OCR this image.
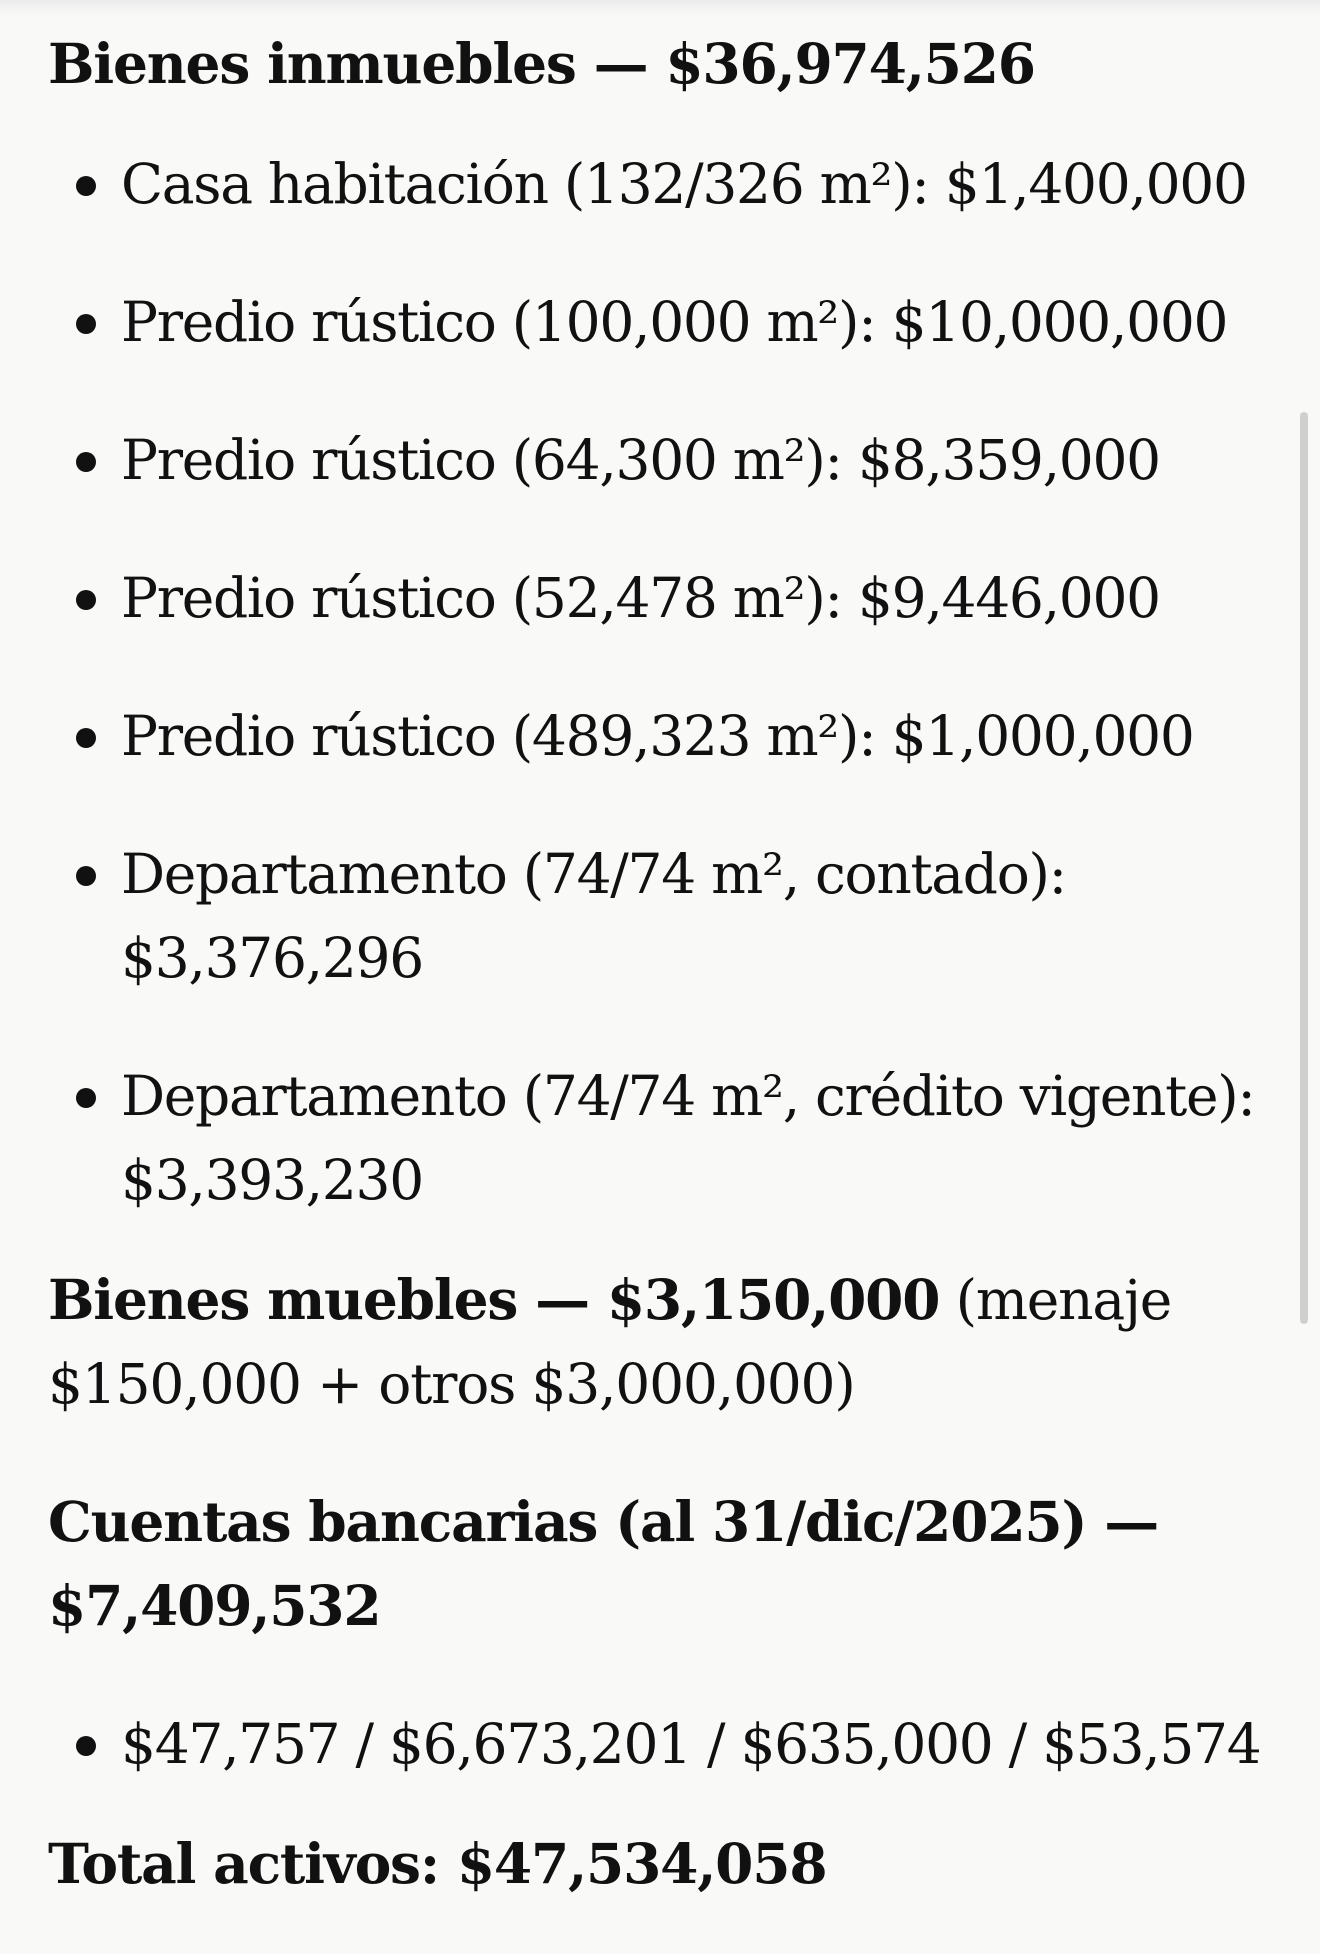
Bienes inmuebles — $36,974,526

Casa habitación (132/326 m²): $1,400,000
Predio rústico (100,000 m²): $10,000,000
Predio rústico (64,300 m²): $8,359,000
Predio rústico (52,478 m²): $9,446,000
Predio rústico (489,323 m²): $1,000,000
Departamento (74/74 m², contado): $3,376,296
Departamento (74/74 m², crédito vigente): $3,393,230

Bienes muebles — $3,150,000 (menaje $150,000 + otros $3,000,000)

Cuentas bancarias (al 31/dic/2025) — $7,409,532

$47,757 / $6,673,201 / $635,000 / $53,574

Total activos: $47,534,058
